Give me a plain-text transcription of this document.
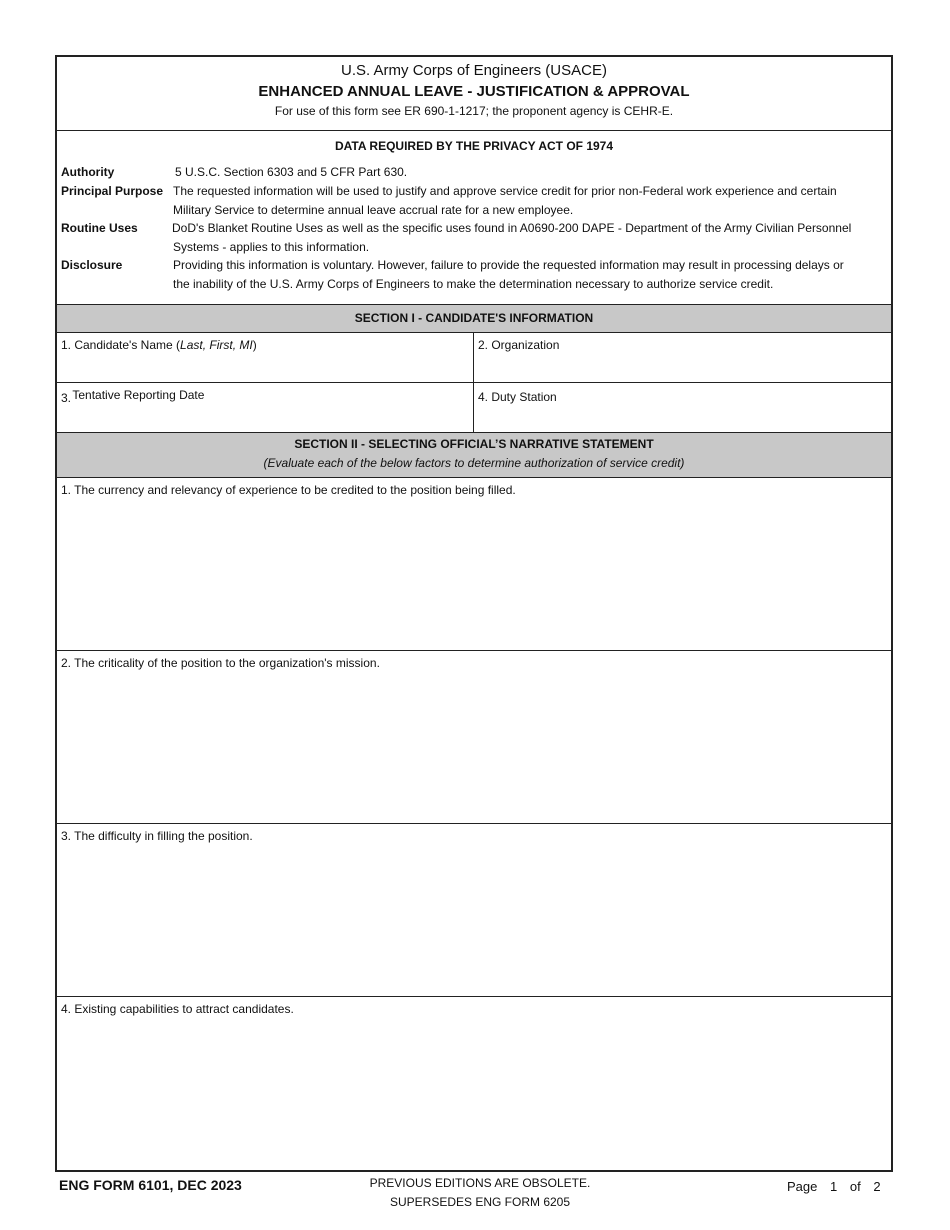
U.S. Army Corps of Engineers (USACE)
ENHANCED ANNUAL LEAVE - JUSTIFICATION & APPROVAL
For use of this form see ER 690-1-1217; the proponent agency is CEHR-E.
DATA REQUIRED BY THE PRIVACY ACT OF 1974
Authority	5 U.S.C. Section 6303 and 5 CFR Part 630.
Principal Purpose The requested information will be used to justify and approve service credit for prior non-Federal work experience and certain
Military Service to determine annual leave accrual rate for a new employee.
Routine Uses	DoD's Blanket Routine Uses as well as the specific uses found in A0690-200 DAPE - Department of the Army Civilian Personnel
Systems - applies to this information.
Disclosure	Providing this information is voluntary. However, failure to provide the requested information may result in processing delays or
the inability of the U.S. Army Corps of Engineers to make the determination necessary to authorize service credit.
SECTION I - CANDIDATE'S INFORMATION
1. Candidate's Name (Last, First, MI)	2. Organization
3. Tentative Reporting Date	4. Duty Station
SECTION II - SELECTING OFFICIAL’S NARRATIVE STATEMENT
(Evaluate each of the below factors to determine authorization of service credit)
1. The currency and relevancy of experience to be credited to the position being filled.
2. The criticality of the position to the organization's mission.
3. The difficulty in filling the position.
4. Existing capabilities to attract candidates.
ENG FORM 6101, DEC 2023	PREVIOUS EDITIONS ARE OBSOLETE.
SUPERSEDES ENG FORM 6205
Page 1 of 2
